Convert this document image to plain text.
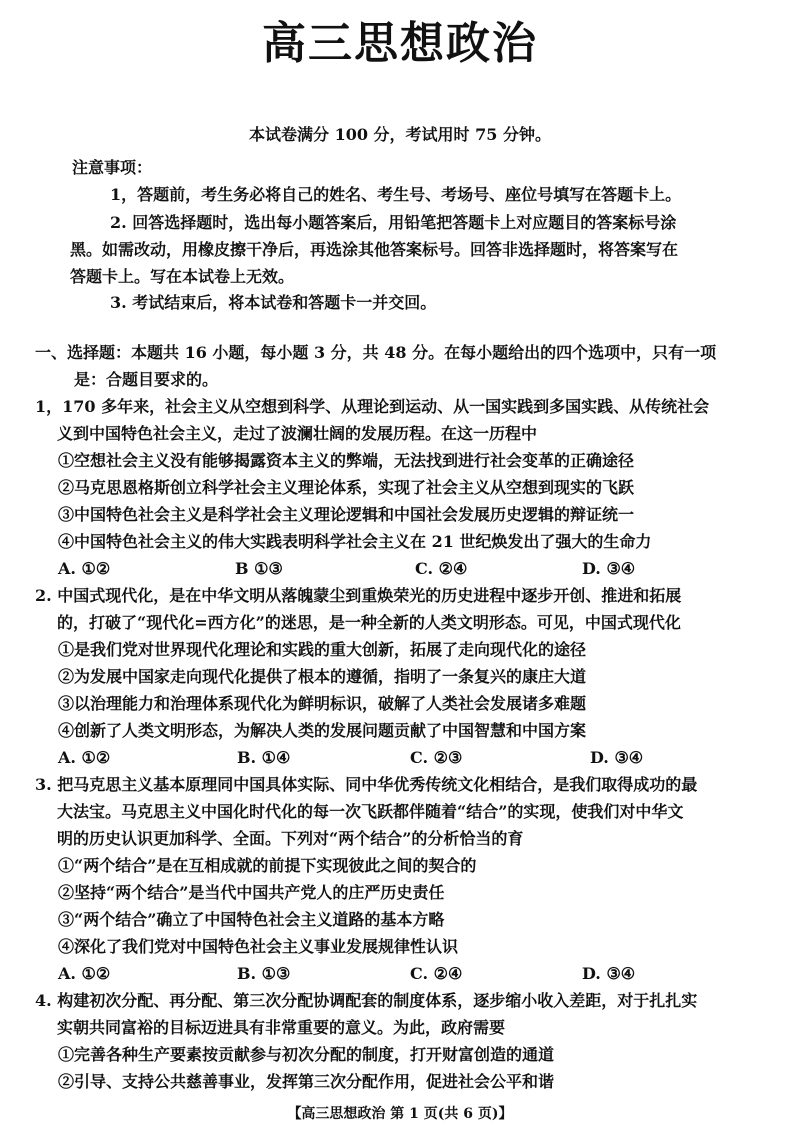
高三思想政治
本试卷满分 100 分，考试用时 75 分钟。
注意事项：
1，答题前，考生务必将自己的姓名、考生号、考场号、座位号填写在答题卡上。
2. 回答选择题时，选出每小题答案后，用铅笔把答题卡上对应题目的答案标号涂
黑。如需改动，用橡皮擦干净后，再选涂其他答案标号。回答非选择题时，将答案写在
答题卡上。写在本试卷上无效。
3. 考试结束后，将本试卷和答题卡一并交回。
一、选择题：本题共 16 小题，每小题 3 分，共 48 分。在每小题给出的四个选项中，只有一项
是：合题目要求的。
1，170 多年来，社会主义从空想到科学、从理论到运动、从一国实践到多国实践、从传统社会
义到中国特色社会主义，走过了波澜壮阔的发展历程。在这一历程中
①空想社会主义没有能够揭露资本主义的弊端，无法找到进行社会变革的正确途径
②马克思恩格斯创立科学社会主义理论体系，实现了社会主义从空想到现实的飞跃
③中国特色社会主义是科学社会主义理论逻辑和中国社会发展历史逻辑的辩证统一
④中国特色社会主义的伟大实践表明科学社会主义在 21 世纪焕发出了强大的生命力
A. ①②	B ①③	C. ②④	D. ③④
2. 中国式现代化，是在中华文明从落魄蒙尘到重焕荣光的历史进程中逐步开创、推进和拓展
的，打破了“现代化=西方化”的迷思，是一种全新的人类文明形态。可见，中国式现代化
①是我们党对世界现代化理论和实践的重大创新，拓展了走向现代化的途径
②为发展中国家走向现代化提供了根本的遵循，指明了一条复兴的康庄大道
③以治理能力和治理体系现代化为鲜明标识，破解了人类社会发展诸多难题
④创新了人类文明形态，为解决人类的发展问题贡献了中国智慧和中国方案
A. ①②	B. ①④	C. ②③	D. ③④
3. 把马克思主义基本原理同中国具体实际、同中华优秀传统文化相结合，是我们取得成功的最
大法宝。马克思主义中国化时代化的每一次飞跃都伴随着“结合”的实现，使我们对中华文
明的历史认识更加科学、全面。下列对“两个结合”的分析恰当的育
①“两个结合”是在互相成就的前提下实现彼此之间的契合的
②坚持“两个结合”是当代中国共产党人的庄严历史责任
③“两个结合”确立了中国特色社会主义道路的基本方略
④深化了我们党对中国特色社会主义事业发展规律性认识
A. ①②	B. ①③	C. ②④	D. ③④
4. 构建初次分配、再分配、第三次分配协调配套的制度体系，逐步缩小收入差距，对于扎扎实
实朝共同富裕的目标迈进具有非常重要的意义。为此，政府需要
①完善各种生产要素按贡献参与初次分配的制度，打开财富创造的通道
②引导、支持公共慈善事业，发挥第三次分配作用，促进社会公平和谐
【高三思想政治 第 1 页(共 6 页)】
